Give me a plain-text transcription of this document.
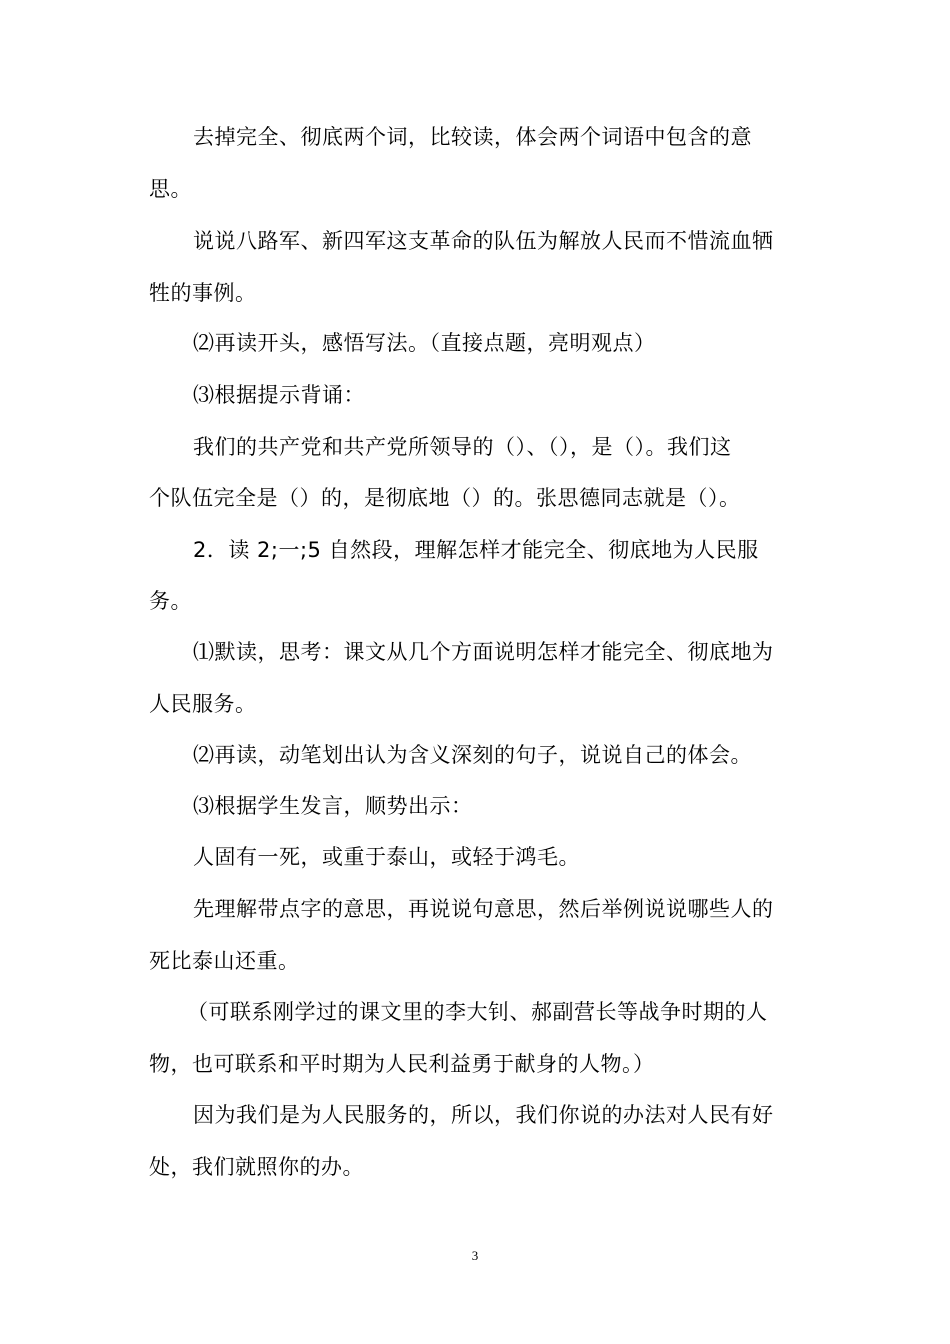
去掉完全、彻底两个词，比较读，体会两个词语中包含的意
思。
说说八路军、新四军这支革命的队伍为解放人民而不惜流血牺
牲的事例。
⑵再读开头，感悟写法。（直接点题，亮明观点）
⑶根据提示背诵：
我们的共产党和共产党所领导的（）、（），是（）。我们这
个队伍完全是（）的，是彻底地（）的。张思德同志就是（）。
2．读 2;一;5 自然段，理解怎样才能完全、彻底地为人民服
务。
⑴默读，思考：课文从几个方面说明怎样才能完全、彻底地为
人民服务。
⑵再读，动笔划出认为含义深刻的句子，说说自己的体会。
⑶根据学生发言，顺势出示：
人固有一死，或重于泰山，或轻于鸿毛。
先理解带点字的意思，再说说句意思，然后举例说说哪些人的
死比泰山还重。
（可联系刚学过的课文里的李大钊、郝副营长等战争时期的人
物，也可联系和平时期为人民利益勇于献身的人物。）
因为我们是为人民服务的，所以，我们你说的办法对人民有好
处，我们就照你的办。
3
